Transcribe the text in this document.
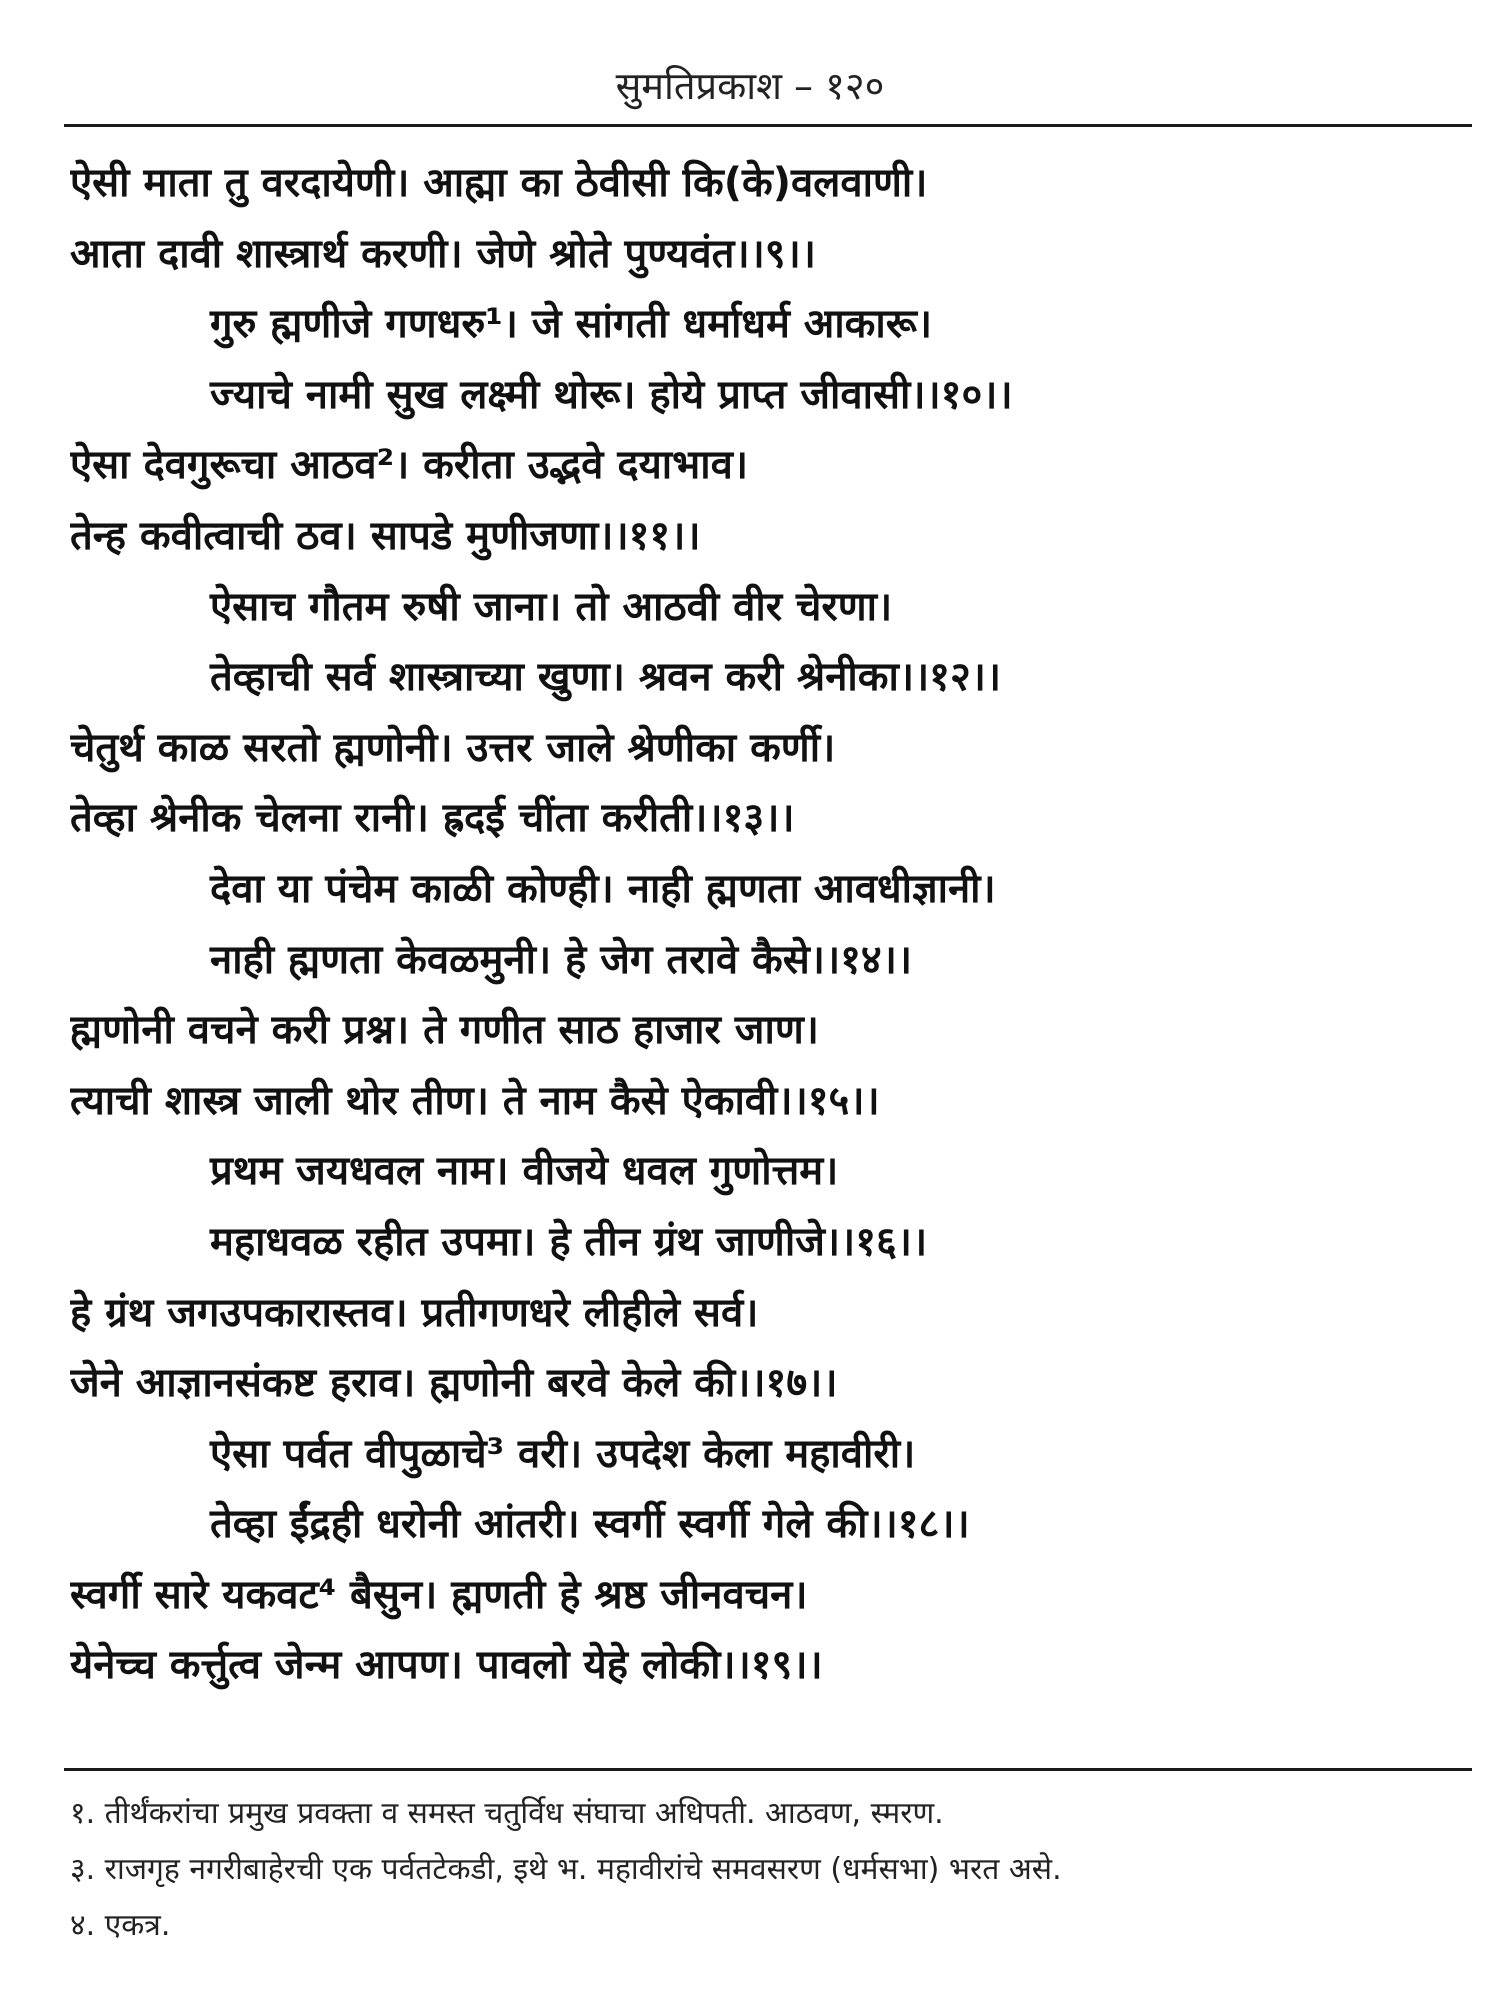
सुमतिप्रकाश – १२०
ऐसी माता तु वरदायेणी। आह्मा का ठेवीसी कि(के)वलवाणी।
आता दावी शास्त्रार्थ करणी। जेणे श्रोते पुण्यवंत।।९।।
गुरु ह्मणीजे गणधरु¹। जे सांगती धर्माधर्म आकारू।
ज्याचे नामी सुख लक्ष्मी थोरू। होये प्राप्त जीवासी।।१०।।
ऐसा देवगुरूचा आठव²। करीता उद्भवे दयाभाव।
तेन्ह कवीत्वाची ठव। सापडे मुणीजणा।।११।।
ऐसाच गौतम रुषी जाना। तो आठवी वीर चेरणा।
तेव्हाची सर्व शास्त्राच्या खुणा। श्रवन करी श्रेनीका।।१२।।
चेतुर्थ काळ सरतो ह्मणोनी। उत्तर जाले श्रेणीका कर्णी।
तेव्हा श्रेनीक चेलना रानी। ह्रदई चींता करीती।।१३।।
देवा या पंचेम काळी कोण्ही। नाही ह्मणता आवधीज्ञानी।
नाही ह्मणता केवळमुनी। हे जेग तरावे कैसे।।१४।।
ह्मणोनी वचने करी प्रश्न। ते गणीत साठ हाजार जाण।
त्याची शास्त्र जाली थोर तीण। ते नाम कैसे ऐकावी।।१५।।
प्रथम जयधवल नाम। वीजये धवल गुणोत्तम।
महाधवळ रहीत उपमा। हे तीन ग्रंथ जाणीजे।।१६।।
हे ग्रंथ जगउपकारास्तव। प्रतीगणधरे लीहीले सर्व।
जेने आज्ञानसंकष्ट हराव। ह्मणोनी बरवे केले की।।१७।।
ऐसा पर्वत वीपुळाचे³ वरी। उपदेश केला महावीरी।
तेव्हा ईंद्रही धरोनी आंतरी। स्वर्गी स्वर्गी गेले की।।१८।।
स्वर्गी सारे यकवट⁴ बैसुन। ह्मणती हे श्रष्ठ जीनवचन।
येनेच्च कर्त्तुत्व जेन्म आपण। पावलो येहे लोकी।।१९।।
१. तीर्थंकरांचा प्रमुख प्रवक्ता व समस्त चतुर्विध संघाचा अधिपती. आठवण, स्मरण.
३. राजगृह नगरीबाहेरची एक पर्वतटेकडी, इथे भ. महावीरांचे समवसरण (धर्मसभा) भरत असे.
४. एकत्र.
